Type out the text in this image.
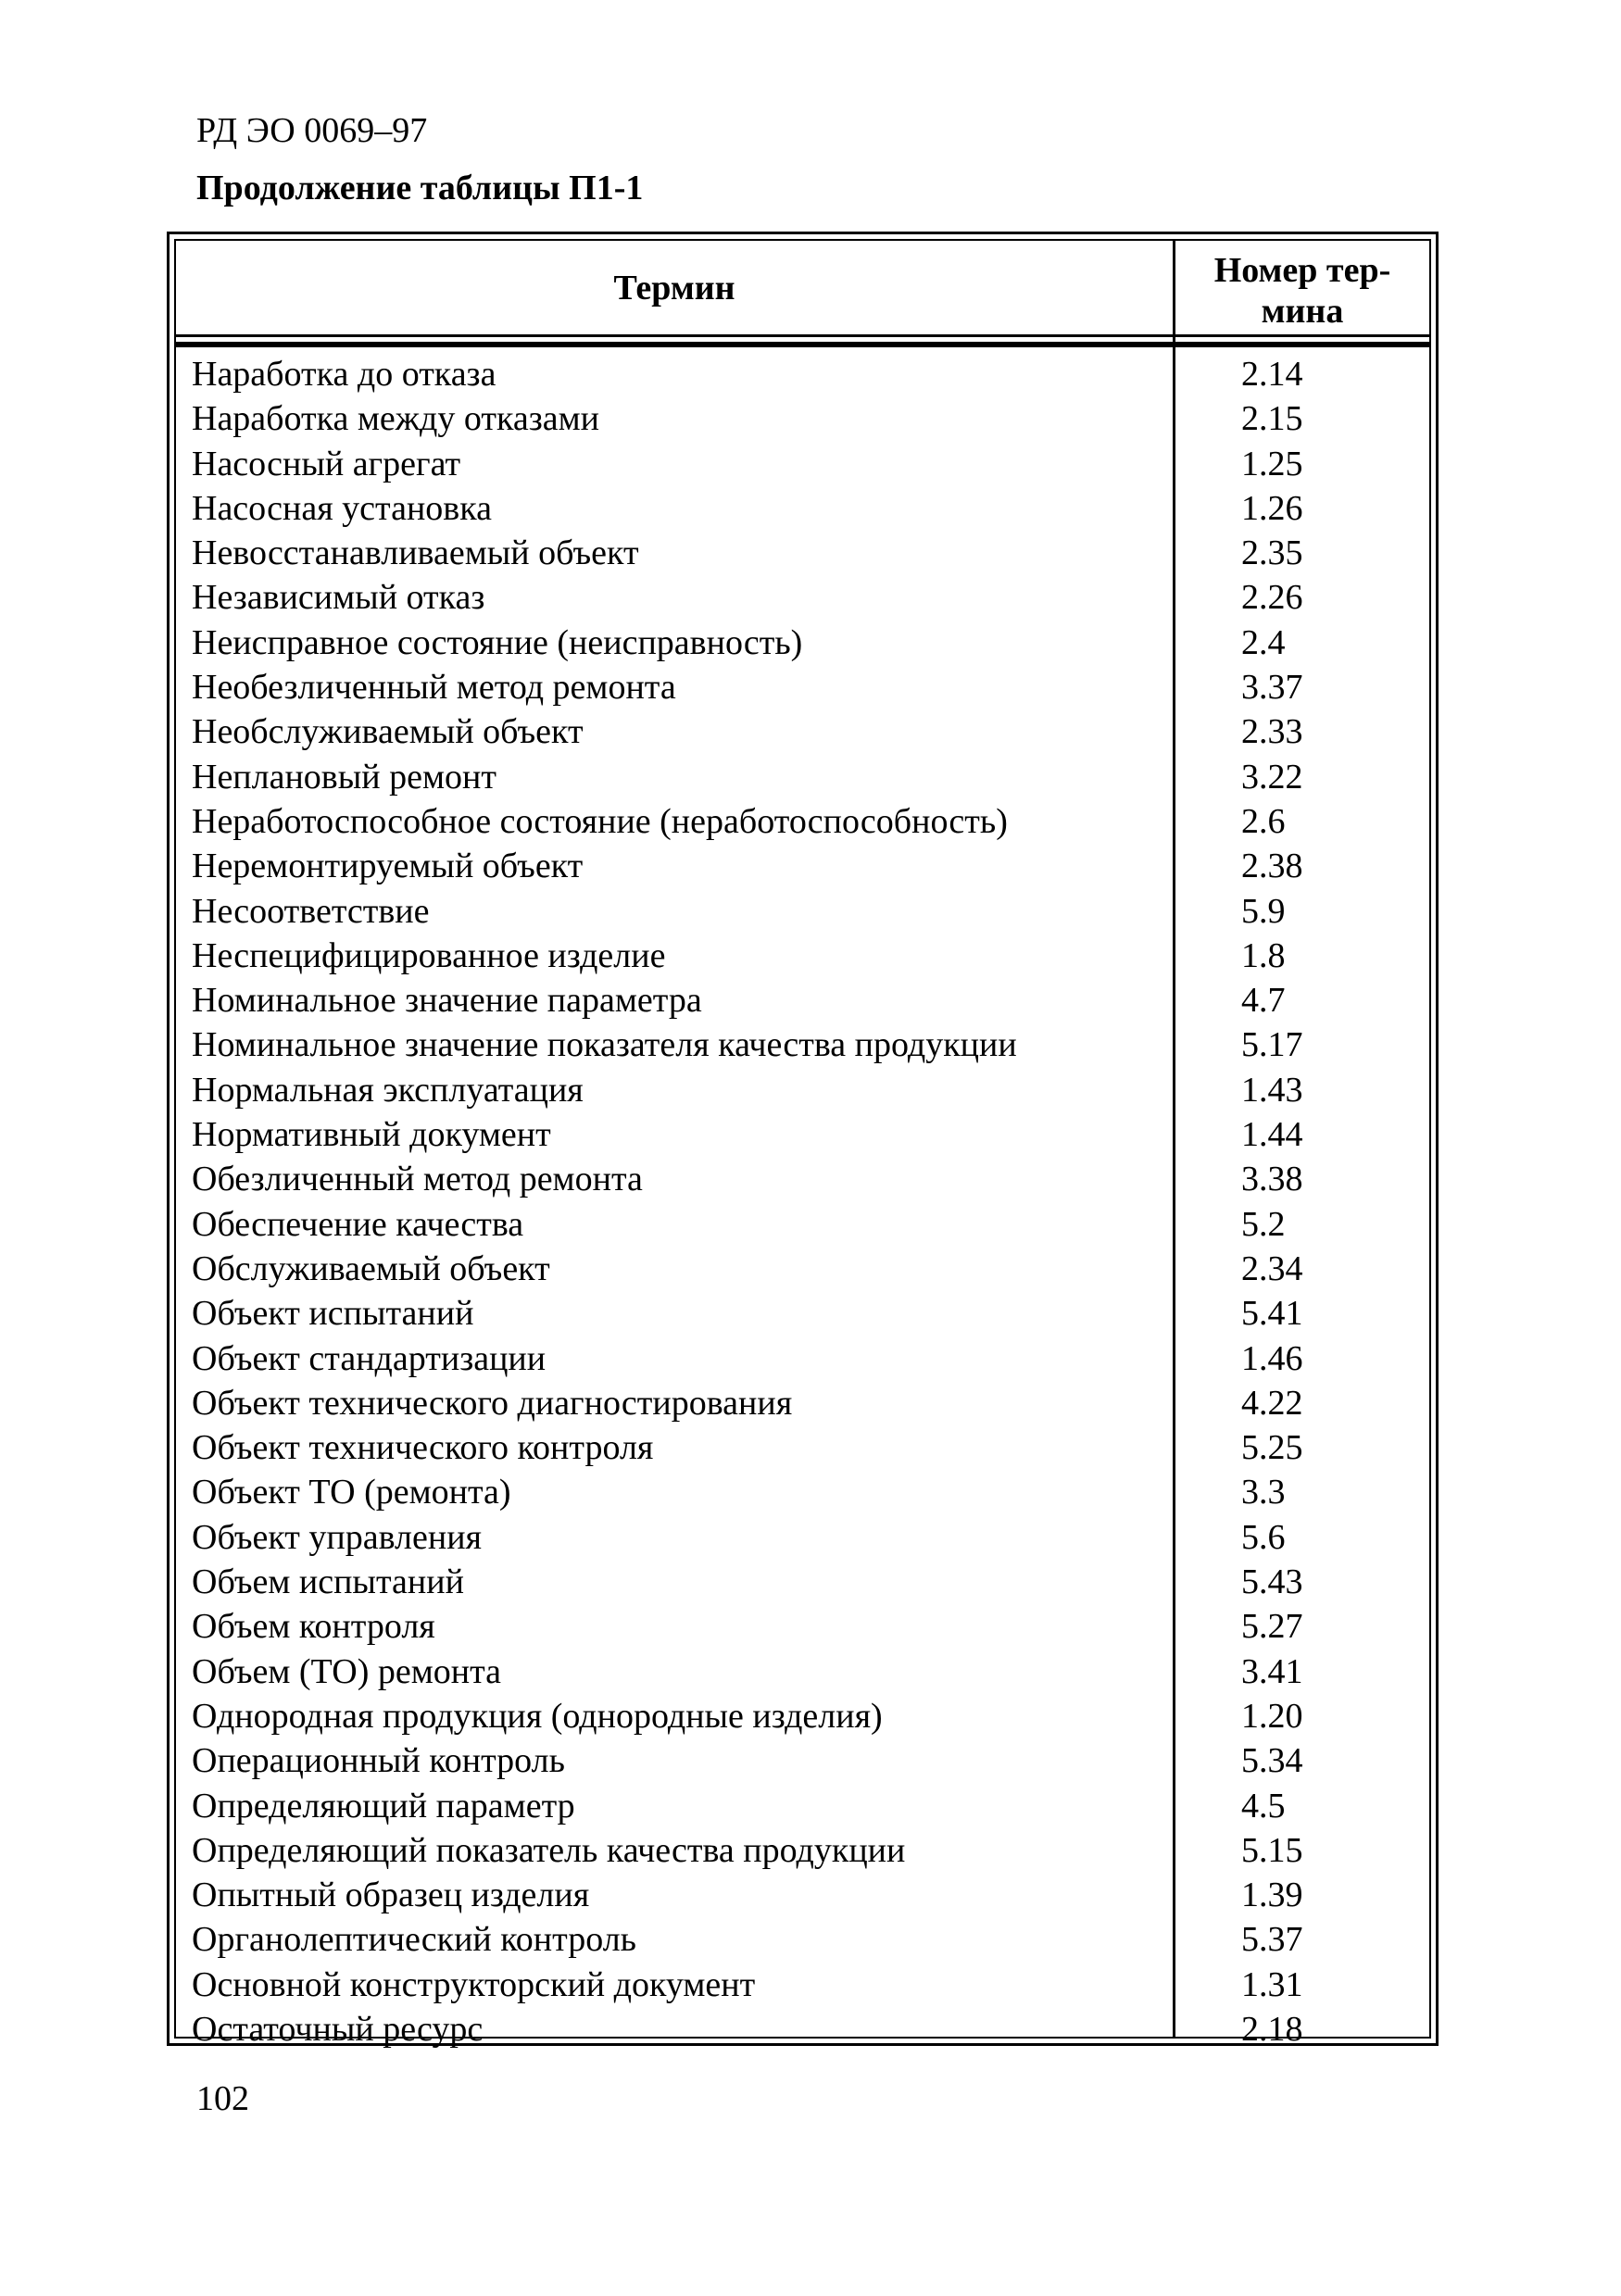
РД ЭО 0069–97
Продолжение таблицы П1-1
Термин	Номер тер-
мина
Наработка до отказа	2.14
Наработка между отказами	2.15
Насосный агрегат	1.25
Насосная установка	1.26
Невосстанавливаемый объект	2.35
Независимый отказ	2.26
Неисправное состояние (неисправность)	2.4
Необезличенный метод ремонта	3.37
Необслуживаемый объект	2.33
Неплановый ремонт	3.22
Неработоспособное состояние (неработоспособность)	2.6
Неремонтируемый объект	2.38
Несоответствие	5.9
Неспецифицированное изделие	1.8
Номинальное значение параметра	4.7
Номинальное значение показателя качества продукции	5.17
Нормальная эксплуатация	1.43
Нормативный документ	1.44
Обезличенный метод ремонта	3.38
Обеспечение качества	5.2
Обслуживаемый объект	2.34
Объект испытаний	5.41
Объект стандартизации	1.46
Объект технического диагностирования	4.22
Объект технического контроля	5.25
Объект ТО (ремонта)	3.3
Объект управления	5.6
Объем испытаний	5.43
Объем контроля	5.27
Объем (ТО) ремонта	3.41
Однородная продукция (однородные изделия)	1.20
Операционный контроль	5.34
Определяющий параметр	4.5
Определяющий показатель качества продукции	5.15
Опытный образец изделия	1.39
Органолептический контроль	5.37
Основной конструкторский документ	1.31
Остаточный ресурс	2.18
102
